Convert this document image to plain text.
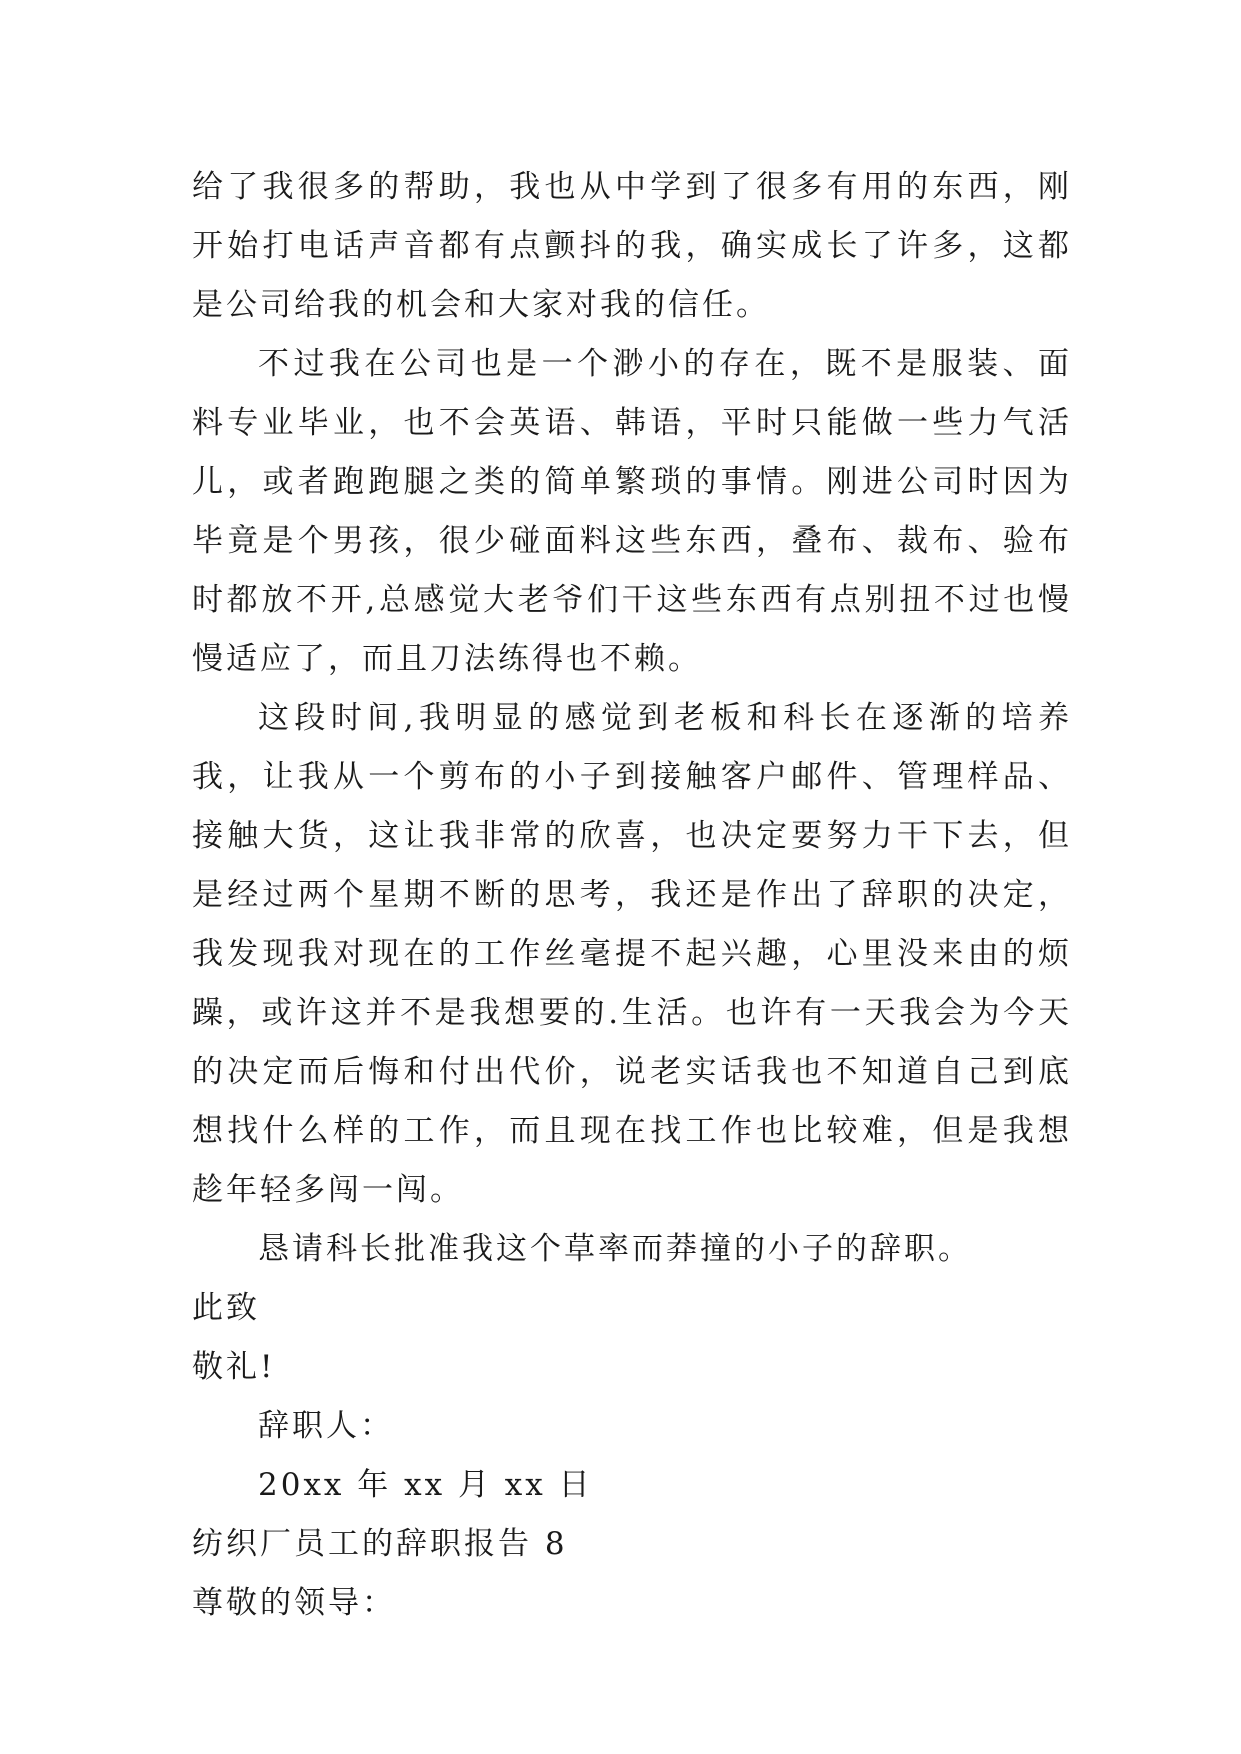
给了我很多的帮助，我也从中学到了很多有用的东西，刚开始打电话声音都有点颤抖的我，确实成长了许多，这都是公司给我的机会和大家对我的信任。

不过我在公司也是一个渺小的存在，既不是服装、面料专业毕业，也不会英语、韩语，平时只能做一些力气活儿，或者跑跑腿之类的简单繁琐的事情。刚进公司时因为毕竟是个男孩，很少碰面料这些东西，叠布、裁布、验布时都放不开,总感觉大老爷们干这些东西有点别扭不过也慢慢适应了，而且刀法练得也不赖。

这段时间,我明显的感觉到老板和科长在逐渐的培养我，让我从一个剪布的小子到接触客户邮件、管理样品、接触大货，这让我非常的欣喜，也决定要努力干下去，但是经过两个星期不断的思考，我还是作出了辞职的决定，我发现我对现在的工作丝毫提不起兴趣，心里没来由的烦躁，或许这并不是我想要的.生活。也许有一天我会为今天的决定而后悔和付出代价，说老实话我也不知道自己到底想找什么样的工作，而且现在找工作也比较难，但是我想趁年轻多闯一闯。

恳请科长批准我这个草率而莽撞的小子的辞职。

此致

敬礼!

辞职人：

20xx 年 xx 月 xx 日

纺织厂员工的辞职报告 8

尊敬的领导：
